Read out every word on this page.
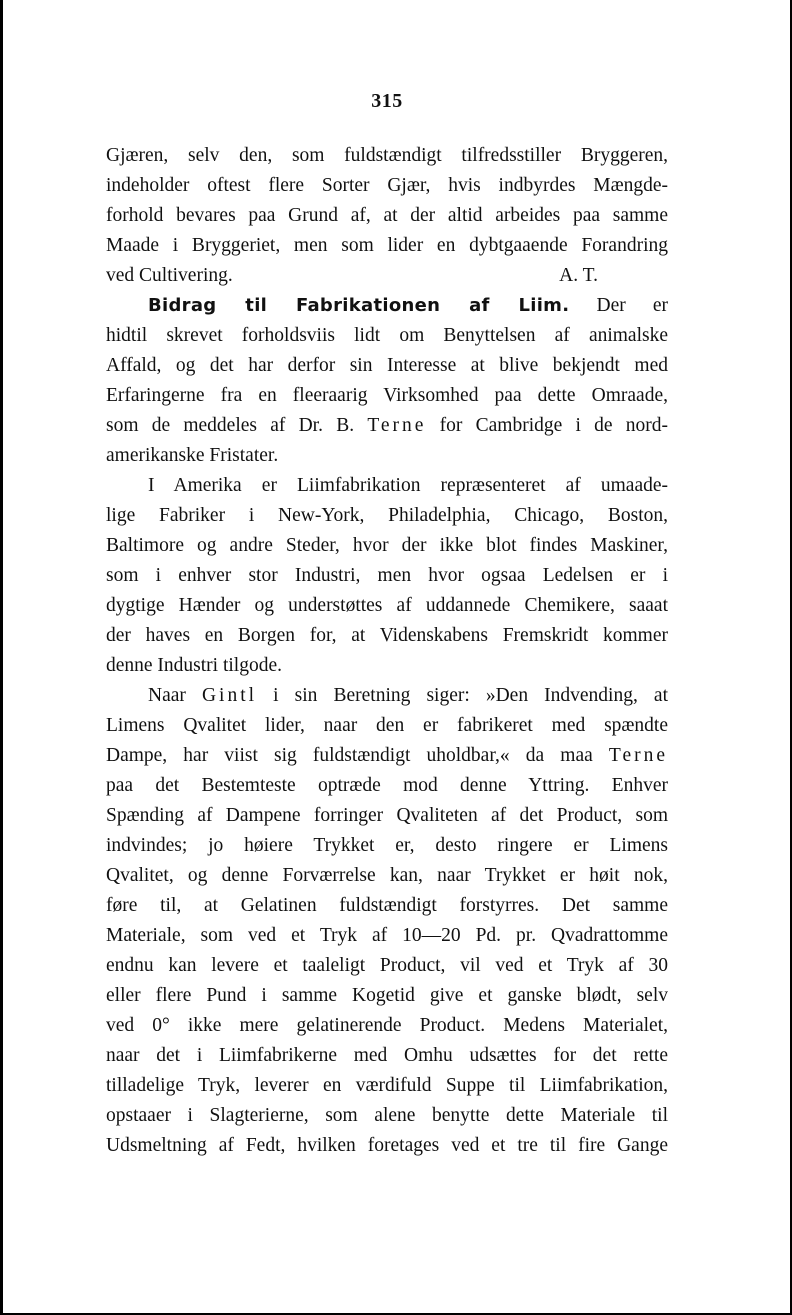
315
Gjæren, selv den, som fuldstændigt tilfredsstiller Bryggeren,
indeholder oftest flere Sorter Gjær, hvis indbyrdes Mængde-
forhold bevares paa Grund af, at der altid arbeides paa samme
Maade i Bryggeriet, men som lider en dybtgaaende Forandring
ved Cultivering.	A. T.
Bidrag til Fabrikationen af Liim. Der er
hidtil skrevet forholdsviis lidt om Benyttelsen af animalske
Affald, og det har derfor sin Interesse at blive bekjendt med
Erfaringerne fra en fleeraarig Virksomhed paa dette Omraade,
som de meddeles af Dr. B. Terne for Cambridge i de nord-
amerikanske Fristater.
I Amerika er Liimfabrikation repræsenteret af umaade-
lige Fabriker i New-York, Philadelphia, Chicago, Boston,
Baltimore og andre Steder, hvor der ikke blot findes Maskiner,
som i enhver stor Industri, men hvor ogsaa Ledelsen er i
dygtige Hænder og understøttes af uddannede Chemikere, saaat
der haves en Borgen for, at Videnskabens Fremskridt kommer
denne Industri tilgode.
Naar Gintl i sin Beretning siger: »Den Indvending, at
Limens Qvalitet lider, naar den er fabrikeret med spændte
Dampe, har viist sig fuldstændigt uholdbar,« da maa Terne
paa det Bestemteste optræde mod denne Yttring. Enhver
Spænding af Dampene forringer Qvaliteten af det Product, som
indvindes; jo høiere Trykket er, desto ringere er Limens
Qvalitet, og denne Forværrelse kan, naar Trykket er høit nok,
føre til, at Gelatinen fuldstændigt forstyrres. Det samme
Materiale, som ved et Tryk af 10—20 Pd. pr. Qvadrattomme
endnu kan levere et taaleligt Product, vil ved et Tryk af 30
eller flere Pund i samme Kogetid give et ganske blødt, selv
ved 0° ikke mere gelatinerende Product. Medens Materialet,
naar det i Liimfabrikerne med Omhu udsættes for det rette
tilladelige Tryk, leverer en værdifuld Suppe til Liimfabrikation,
opstaaer i Slagterierne, som alene benytte dette Materiale til
Udsmeltning af Fedt, hvilken foretages ved et tre til fire Gange
